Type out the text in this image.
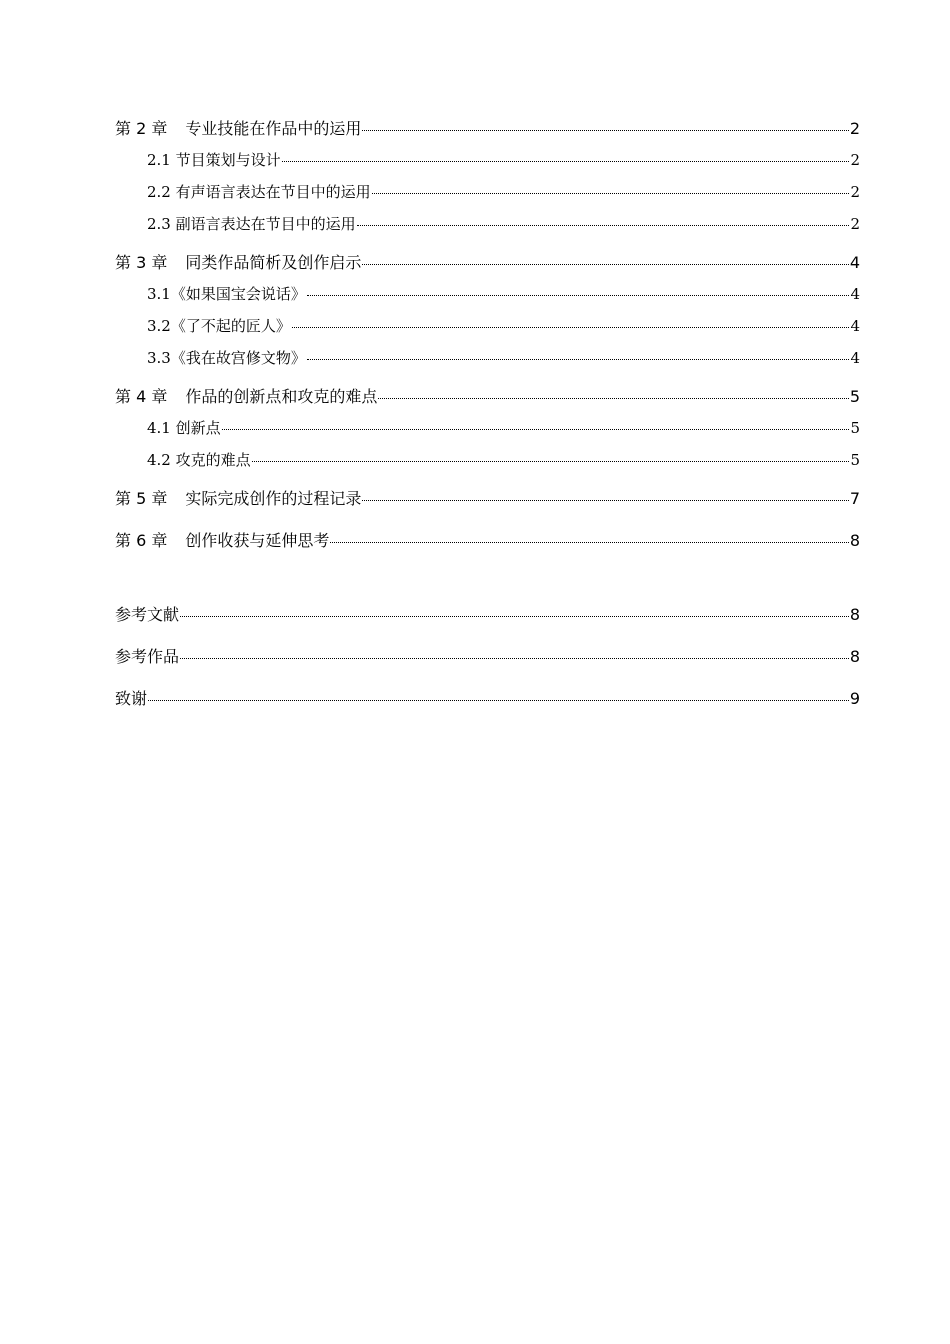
第 2 章 专业技能在作品中的运用	2
2.1 节目策划与设计	2
2.2 有声语言表达在节目中的运用	2
2.3 副语言表达在节目中的运用	2
第 3 章 同类作品简析及创作启示	4
3.1《如果国宝会说话》	4
3.2《了不起的匠人》	4
3.3《我在故宫修文物》	4
第 4 章 作品的创新点和攻克的难点	5
4.1 创新点	5
4.2 攻克的难点	5
第 5 章 实际完成创作的过程记录	7
第 6 章 创作收获与延伸思考	8
参考文献	8
参考作品	8
致谢	9
